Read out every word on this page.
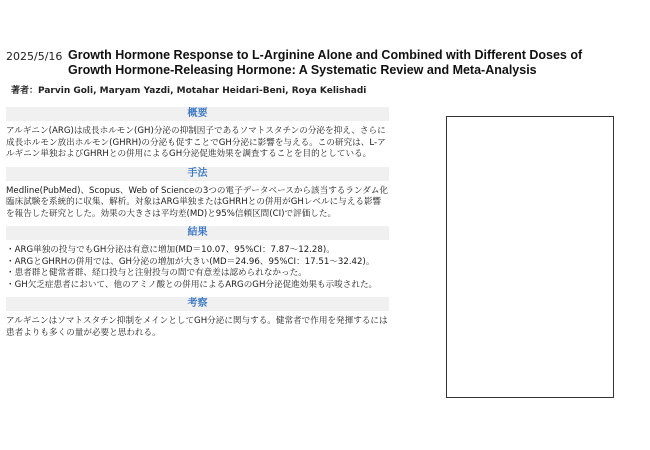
2025/5/16 Growth Hormone Response to L-Arginine Alone and Combined with Different Doses of
Growth Hormone-Releasing Hormone: A Systematic Review and Meta-Analysis
著者：Parvin Goli, Maryam Yazdi, Motahar Heidari-Beni, Roya Kelishadi
概要
アルギニン(ARG)は成長ホルモン(GH)分泌の抑制因子であるソマトスタチンの分泌を抑え、さらに成長ホルモン放出ホルモン(GHRH)の分泌も促すことでGH分泌に影響を与える。この研究は、L-アルギニン単独およびGHRHとの併用によるGH分泌促進効果を調査することを目的としている。
手法
Medline(PubMed)、Scopus、Web of Scienceの3つの電子データベースから該当するランダム化臨床試験を系統的に収集、解析。対象はARG単独またはGHRHとの併用がGHレベルに与える影響を報告した研究とした。効果の大きさは平均差(MD)と95%信頼区間(CI)で評価した。
結果
・ARG単独の投与でもGH分泌は有意に増加(MD＝10.07、95%CI：7.87〜12.28)。
・ARGとGHRHの併用では、GH分泌の増加が大きい(MD＝24.96、95%CI：17.51〜32.42)。
・患者群と健常者群、経口投与と注射投与の間で有意差は認められなかった。
・GH欠乏症患者において、他のアミノ酸との併用によるARGのGH分泌促進効果も示唆された。
考察
アルギニンはソマトスタチン抑制をメインとしてGH分泌に関与する。健常者で作用を発揮するには患者よりも多くの量が必要と思われる。
